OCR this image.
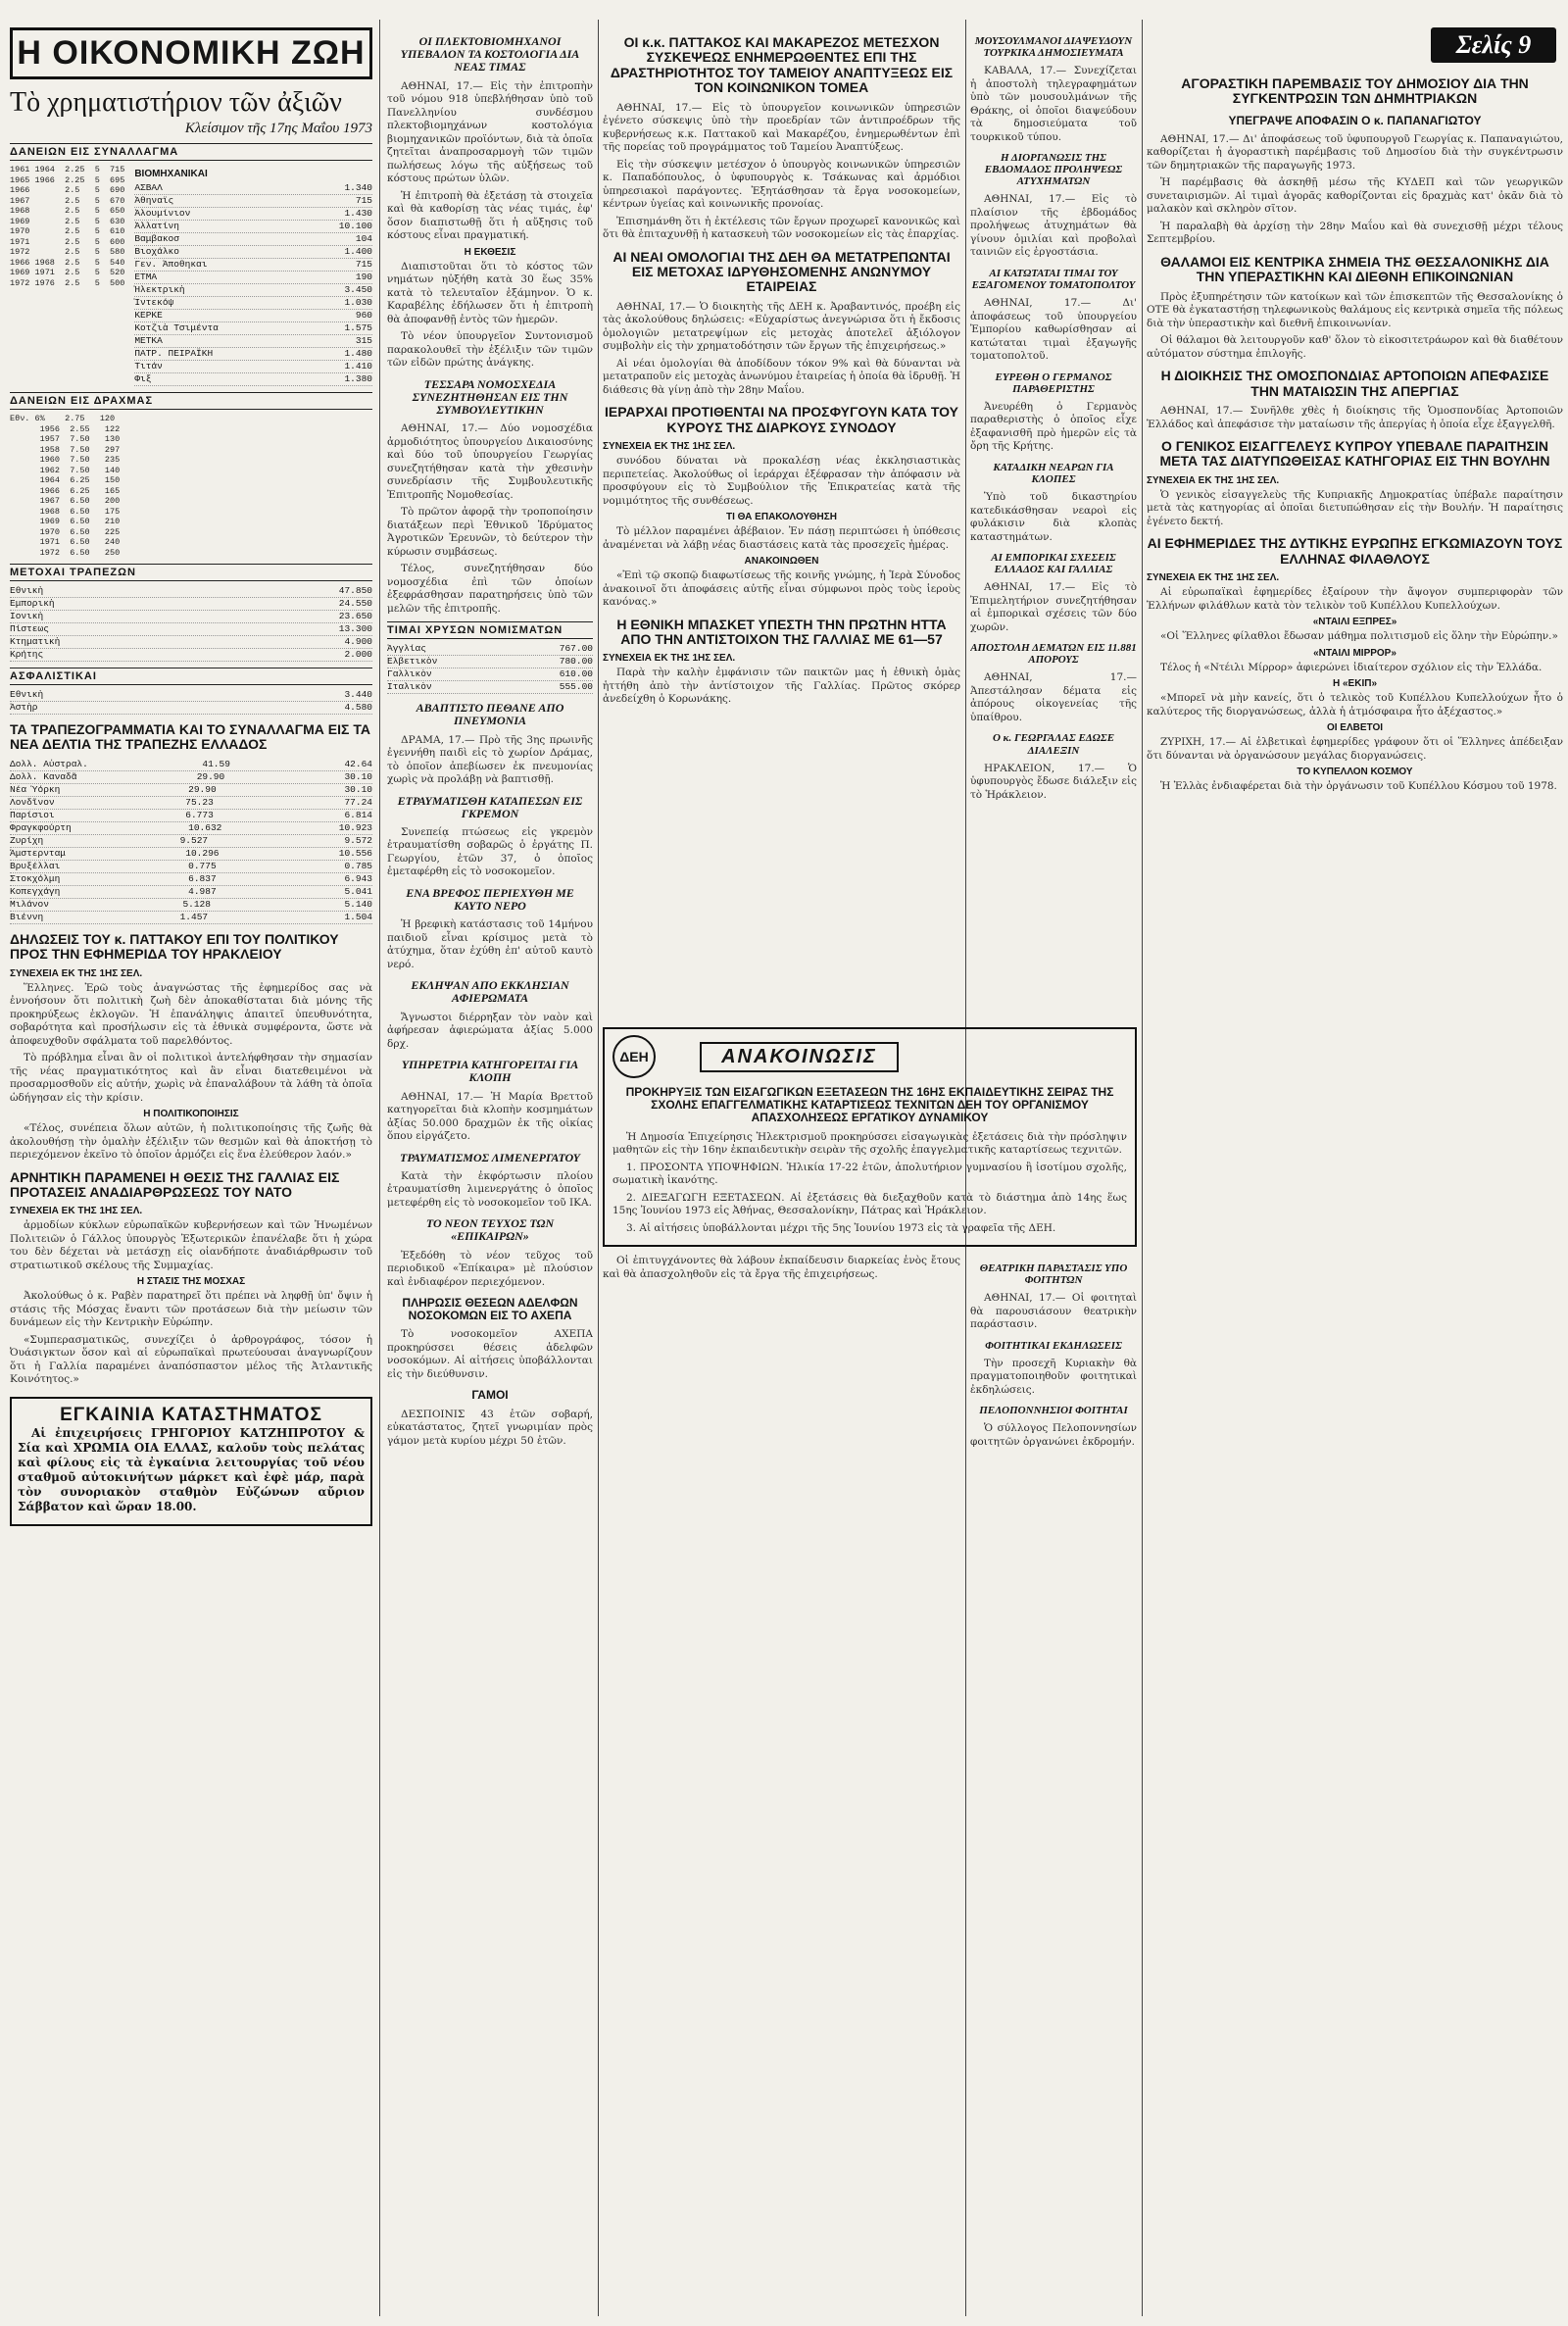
Σελίς 9
Η ΟΙΚΟΝΟΜΙΚΗ ΖΩΗ
Τὸ χρηματιστήριον τῶν ἀξιῶν
Κλείσιμον τῆς 17ης Μαΐου 1973
ΔΑΝΕΙΩΝ ΕΙΣ ΣΥΝΑΛΛΑΓΜΑ
1961 1964  2.25  5  715
1965 1966  2.25  5  695
1966       2.5   5  690
1967       2.5   5  670
1968       2.5   5  650
1969       2.5   5  630
1970       2.5   5  610
1971       2.5   5  600
1972       2.5   5  580
1966 1968  2.5   5  540
1969 1971  2.5   5  520
1972 1976  2.5   5  500
ΒΙΟΜΗΧΑΝΙΚΑΙ
ΑΣΒΑΛ	1.340
Ἀθηναϊς	715
Ἀλουμίνιον	1.430
Ἀλλατίνη	10.100
Βαμβακοσ	104
Βιοχάλκο	1.400
Γεν. Ἀποθηκαι	715
ΕΤΜΑ	190
Ἠλεκτρικὴ	3.450
Ἰντεκόψ	1.030
ΚΕΡΚΕ	960
Κοτζιὰ Τσιμέντα	1.575
ΜΕΤΚΑ	315
ΠΑΤΡ. ΠΕΙΡΑΪΚΗ	1.480
Τιτάν	1.410
Φιξ	1.380
ΔΑΝΕΙΩΝ ΕΙΣ ΔΡΑΧΜΑΣ
Ἐθν. 6%    2.75   120
1956  2.55   122
1957  7.50   130
1958  7.50   297
1960  7.50   235
1962  7.50   140
1964  6.25   150
1966  6.25   165
1967  6.50   200
1968  6.50   175
1969  6.50   210
1970  6.50   225
1971  6.50   240
1972  6.50   250
ΜΕΤΟΧΑΙ ΤΡΑΠΕΖΩΝ
Ἐθνικὴ	47.850
Ἐμπορικὴ	24.550
Ἰονικὴ	23.650
Πίστεως	13.300
Κτηματικὴ	4.900
Κρήτης	2.000
ΑΣΦΑΛΙΣΤΙΚΑΙ
Ἐθνικὴ	3.440
Ἀστὴρ	4.580
ΤΑ ΤΡΑΠΕΖΟΓΡΑΜΜΑΤΙΑ ΚΑΙ ΤΟ ΣΥΝΑΛΛΑΓΜΑ ΕΙΣ ΤΑ ΝΕΑ ΔΕΛΤΙΑ ΤΗΣ ΤΡΑΠΕΖΗΣ ΕΛΛΑΔΟΣ
Δολλ. Αὐστραλ.	41.59	42.64
Δολλ. Καναδᾶ	29.90	30.10
Νέα Ὑόρκη	29.90	30.10
Λονδῖνον	75.23	77.24
Παρίσιοι	6.773	6.814
Φραγκφούρτη	10.632	10.923
Ζυρίχη	9.527	9.572
Ἄμστερνταμ	10.296	10.556
Βρυξέλλαι	0.775	0.785
Στοκχόλμη	6.837	6.943
Κοπεγχάγη	4.987	5.041
Μιλάνον	5.128	5.140
Βιέννη	1.457	1.504
ΔΗΛΩΣΕΙΣ ΤΟΥ κ. ΠΑΤΤΑΚΟΥ ΕΠΙ ΤΟΥ ΠΟΛΙΤΙΚΟΥ ΠΡΟΣ ΤΗΝ ΕΦΗΜΕΡΙΔΑ ΤΟΥ ΗΡΑΚΛΕΙΟΥ
ΣΥΝΕΧΕΙΑ ΕΚ ΤΗΣ 1ΗΣ ΣΕΛ.

Ἕλληνες. Ἐρῶ τοὺς ἀναγνώστας τῆς ἐφημερίδος σας νὰ ἐννοήσουν ὅτι πολιτικὴ ζωὴ δὲν ἀποκαθίσταται διὰ μόνης τῆς προκηρύξεως ἐκλογῶν. Ἡ ἐπανάληψις ἀπαιτεῖ ὑπευθυνότητα, σοβαρότητα καὶ προσήλωσιν εἰς τὰ ἐθνικὰ συμφέροντα, ὥστε νὰ ἀποφευχθοῦν σφάλματα τοῦ παρελθόντος.

Τὸ πρόβλημα εἶναι ἂν οἱ πολιτικοὶ ἀντελήφθησαν τὴν σημασίαν τῆς νέας πραγματικότητος καὶ ἂν εἶναι διατεθειμένοι νὰ προσαρμοσθοῦν εἰς αὐτήν, χωρὶς νὰ ἐπαναλάβουν τὰ λάθη τὰ ὁποῖα ὡδήγησαν εἰς τὴν κρίσιν.

Η ΠΟΛΙΤΙΚΟΠΟΙΗΣΙΣ

«Τέλος, συνέπεια ὅλων αὐτῶν, ἡ πολιτικοποίησις τῆς ζωῆς θὰ ἀκολουθήσῃ τὴν ὁμαλὴν ἐξέλιξιν τῶν θεσμῶν καὶ θὰ ἀποκτήσῃ τὸ περιεχόμενον ἐκεῖνο τὸ ὁποῖον ἁρμόζει εἰς ἕνα ἐλεύθερον λαόν.»

ΑΡΝΗΤΙΚΗ ΠΑΡΑΜΕΝΕΙ Η ΘΕΣΙΣ ΤΗΣ ΓΑΛΛΙΑΣ ΕΙΣ ΠΡΟΤΑΣΕΙΣ ΑΝΑΔΙΑΡΘΡΩΣΕΩΣ ΤΟΥ ΝΑΤΟ
ΣΥΝΕΧΕΙΑ ΕΚ ΤΗΣ 1ΗΣ ΣΕΛ.

ἀρμοδίων κύκλων εὐρωπαϊκῶν κυβερνήσεων καὶ τῶν Ἡνωμένων Πολιτειῶν ὁ Γάλλος ὑπουργὸς Ἐξωτερικῶν ἐπανέλαβε ὅτι ἡ χώρα του δὲν δέχεται νὰ μετάσχῃ εἰς οἱανδήποτε ἀναδιάρθρωσιν τοῦ στρατιωτικοῦ σκέλους τῆς Συμμαχίας.

Η ΣΤΑΣΙΣ ΤΗΣ ΜΟΣΧΑΣ

Ἀκολούθως ὁ κ. Ραβὲν παρατηρεῖ ὅτι πρέπει νὰ ληφθῇ ὑπ' ὄψιν ἡ στάσις τῆς Μόσχας ἔναντι τῶν προτάσεων διὰ τὴν μείωσιν τῶν δυνάμεων εἰς τὴν Κεντρικὴν Εὐρώπην.

«Συμπερασματικῶς, συνεχίζει ὁ ἀρθρογράφος, τόσον ἡ Ὀυάσιγκτων ὅσον καὶ αἱ εὐρωπαϊκαὶ πρωτεύουσαι ἀναγνωρίζουν ὅτι ἡ Γαλλία παραμένει ἀναπόσπαστον μέλος τῆς Ἀτλαντικῆς Κοινότητος.»

ΕΓΚΑΙΝΙΑ ΚΑΤΑΣΤΗΜΑΤΟΣ

Αἱ ἐπιχειρήσεις ΓΡΗΓΟΡΙΟΥ ΚΑΤΖΗΠΡΟΤΟΥ & Σία καὶ ΧΡΩΜΙΑ ΟΙΑ ΕΛΛΑΣ, καλοῦν τοὺς πελάτας καὶ φίλους εἰς τὰ ἐγκαίνια λειτουργίας τοῦ νέου σταθμοῦ αὐτοκινήτων μάρκετ καὶ ἐφὲ μάρ, παρὰ τὸν συνοριακὸν σταθμὸν Εὐζώνων αὔριον Σάββατον καὶ ὥραν 18.00.

ΟΙ ΠΛΕΚΤΟΒΙΟΜΗΧΑΝΟΙ ΥΠΕΒΑΛΟΝ ΤΑ ΚΟΣΤΟΛΟΓΙΑ ΔΙΑ ΝΕΑΣ ΤΙΜΑΣ

ΑΘΗΝΑΙ, 17.— Εἰς τὴν ἐπιτροπὴν τοῦ νόμου 918 ὑπεβλήθησαν ὑπὸ τοῦ Πανελληνίου συνδέσμου πλεκτοβιομηχάνων κοστολόγια βιομηχανικῶν προϊόντων, διὰ τὰ ὁποῖα ζητεῖται ἀναπροσαρμογὴ τῶν τιμῶν πωλήσεως λόγω τῆς αὐξήσεως τοῦ κόστους πρώτων ὑλῶν.

Ἡ ἐπιτροπὴ θὰ ἐξετάσῃ τὰ στοιχεῖα καὶ θὰ καθορίσῃ τὰς νέας τιμάς, ἐφ' ὅσον διαπιστωθῇ ὅτι ἡ αὔξησις τοῦ κόστους εἶναι πραγματική.

Η ΕΚΘΕΣΙΣ

Διαπιστοῦται ὅτι τὸ κόστος τῶν νημάτων ηὐξήθη κατὰ 30 ἕως 35% κατὰ τὸ τελευταῖον ἑξάμηνον. Ὁ κ. Καραβέλης ἐδήλωσεν ὅτι ἡ ἐπιτροπὴ θὰ ἀποφανθῇ ἐντὸς τῶν ἡμερῶν.

Τὸ νέον ὑπουργεῖον Συντονισμοῦ παρακολουθεῖ τὴν ἐξέλιξιν τῶν τιμῶν τῶν εἰδῶν πρώτης ἀνάγκης.

ΤΕΣΣΑΡΑ ΝΟΜΟΣΧΕΔΙΑ ΣΥΝΕΖΗΤΗΘΗΣΑΝ ΕΙΣ ΤΗΝ ΣΥΜΒΟΥΛΕΥΤΙΚΗΝ

ΑΘΗΝΑΙ, 17.— Δύο νομοσχέδια ἀρμοδιότητος ὑπουργείου Δικαιοσύνης καὶ δύο τοῦ ὑπουργείου Γεωργίας συνεζητήθησαν κατὰ τὴν χθεσινὴν συνεδρίασιν τῆς Συμβουλευτικῆς Ἐπιτροπῆς Νομοθεσίας.

Τὸ πρῶτον ἀφορᾷ τὴν τροποποίησιν διατάξεων περὶ Ἐθνικοῦ Ἱδρύματος Ἀγροτικῶν Ἐρευνῶν, τὸ δεύτερον τὴν κύρωσιν συμβάσεως.

Τέλος, συνεζητήθησαν δύο νομοσχέδια ἐπὶ τῶν ὁποίων ἐξεφράσθησαν παρατηρήσεις ὑπὸ τῶν μελῶν τῆς ἐπιτροπῆς.

ΤΙΜΑΙ ΧΡΥΣΩΝ ΝΟΜΙΣΜΑΤΩΝ
Ἀγγλίας	767.00
Ἐλβετικὸν	780.00
Γαλλικὸν	610.00
Ἰταλικὸν	555.00
ΑΒΑΠΤΙΣΤΟ ΠΕΘΑΝΕ ΑΠΟ ΠΝΕΥΜΟΝΙΑ

ΔΡΑΜΑ, 17.— Πρὸ τῆς 3ης πρωινῆς ἐγεννήθη παιδὶ εἰς τὸ χωρίον Δράμας, τὸ ὁποῖον ἀπεβίωσεν ἐκ πνευμονίας χωρὶς νὰ προλάβῃ νὰ βαπτισθῇ.

ΕΤΡΑΥΜΑΤΙΣΘΗ ΚΑΤΑΠΕΣΩΝ ΕΙΣ ΓΚΡΕΜΟΝ

Συνεπείᾳ πτώσεως εἰς γκρεμὸν ἐτραυματίσθη σοβαρῶς ὁ ἐργάτης Π. Γεωργίου, ἐτῶν 37, ὁ ὁποῖος ἐμεταφέρθη εἰς τὸ νοσοκομεῖον.

ΕΝΑ ΒΡΕΦΟΣ ΠΕΡΙΕΧΥΘΗ ΜΕ ΚΑΥΤΟ ΝΕΡΟ

Ἡ βρεφικὴ κατάστασις τοῦ 14μήνου παιδιοῦ εἶναι κρίσιμος μετὰ τὸ ἀτύχημα, ὅταν ἐχύθη ἐπ' αὐτοῦ καυτὸ νερό.

ΕΚΛΗΨΑΝ ΑΠΟ ΕΚΚΛΗΣΙΑΝ ΑΦΙΕΡΩΜΑΤΑ

Ἄγνωστοι διέρρηξαν τὸν ναὸν καὶ ἀφήρεσαν ἀφιερώματα ἀξίας 5.000 δρχ.

ΥΠΗΡΕΤΡΙΑ ΚΑΤΗΓΟΡΕΙΤΑΙ ΓΙΑ ΚΛΟΠΗ

ΑΘΗΝΑΙ, 17.— Ἡ Μαρία Βρεττοῦ κατηγορεῖται διὰ κλοπὴν κοσμημάτων ἀξίας 50.000 δραχμῶν ἐκ τῆς οἰκίας ὅπου εἰργάζετο.

ΤΡΑΥΜΑΤΙΣΜΟΣ ΛΙΜΕΝΕΡΓΑΤΟΥ

Κατὰ τὴν ἐκφόρτωσιν πλοίου ἐτραυματίσθη λιμενεργάτης ὁ ὁποῖος μετεφέρθη εἰς τὸ νοσοκομεῖον τοῦ ΙΚΑ.

ΤΟ ΝΕΟΝ ΤΕΥΧΟΣ ΤΩΝ «ΕΠΙΚΑΙΡΩΝ»

Ἐξεδόθη τὸ νέον τεῦχος τοῦ περιοδικοῦ «Ἐπίκαιρα» μὲ πλούσιον καὶ ἐνδιαφέρον περιεχόμενον.

ΠΛΗΡΩΣΙΣ ΘΕΣΕΩΝ ΑΔΕΛΦΩΝ ΝΟΣΟΚΟΜΩΝ ΕΙΣ ΤΟ ΑΧΕΠΑ

Τὸ νοσοκομεῖον ΑΧΕΠΑ προκηρύσσει θέσεις ἀδελφῶν νοσοκόμων. Αἱ αἰτήσεις ὑποβάλλονται εἰς τὴν διεύθυνσιν.

ΓΑΜΟΙ

ΔΕΣΠΟΙΝΙΣ 43 ἐτῶν σοβαρή, εὐκατάστατος, ζητεῖ γνωριμίαν πρὸς γάμον μετὰ κυρίου μέχρι 50 ἐτῶν.

ΟΙ κ.κ. ΠΑΤΤΑΚΟΣ ΚΑΙ ΜΑΚΑΡΕΖΟΣ ΜΕΤΕΣΧΟΝ ΣΥΣΚΕΨΕΩΣ ΕΝΗΜΕΡΩΘΕΝΤΕΣ ΕΠΙ ΤΗΣ ΔΡΑΣΤΗΡΙΟΤΗΤΟΣ ΤΟΥ ΤΑΜΕΙΟΥ ΑΝΑΠΤΥΞΕΩΣ ΕΙΣ ΤΟΝ ΚΟΙΝΩΝΙΚΟΝ ΤΟΜΕΑ

ΑΘΗΝΑΙ, 17.— Εἰς τὸ ὑπουργεῖον κοινωνικῶν ὑπηρεσιῶν ἐγένετο σύσκεψις ὑπὸ τὴν προεδρίαν τῶν ἀντιπροέδρων τῆς κυβερνήσεως κ.κ. Παττακοῦ καὶ Μακαρέζου, ἐνημερωθέντων ἐπὶ τῆς πορείας τοῦ προγράμματος τοῦ Ταμείου Ἀναπτύξεως.

Εἰς τὴν σύσκεψιν μετέσχον ὁ ὑπουργὸς κοινωνικῶν ὑπηρεσιῶν κ. Παπαδόπουλος, ὁ ὑφυπουργὸς κ. Τσάκωνας καὶ ἀρμόδιοι ὑπηρεσιακοὶ παράγοντες. Ἐξητάσθησαν τὰ ἔργα νοσοκομείων, κέντρων ὑγείας καὶ κοινωνικῆς προνοίας.

Ἐπισημάνθη ὅτι ἡ ἐκτέλεσις τῶν ἔργων προχωρεῖ κανονικῶς καὶ ὅτι θὰ ἐπιταχυνθῇ ἡ κατασκευὴ τῶν νοσοκομείων εἰς τὰς ἐπαρχίας.

ΑΙ ΝΕΑΙ ΟΜΟΛΟΓΙΑΙ ΤΗΣ ΔΕΗ ΘΑ ΜΕΤΑΤΡΕΠΩΝΤΑΙ ΕΙΣ ΜΕΤΟΧΑΣ ΙΔΡΥΘΗΣΟΜΕΝΗΣ ΑΝΩΝΥΜΟΥ ΕΤΑΙΡΕΙΑΣ

ΑΘΗΝΑΙ, 17.— Ὁ διοικητὴς τῆς ΔΕΗ κ. Ἀραβαντινός, προέβη εἰς τὰς ἀκολούθους δηλώσεις: «Εὐχαρίστως ἀνεγνώρισα ὅτι ἡ ἔκδοσις ὁμολογιῶν μετατρεψίμων εἰς μετοχὰς ἀποτελεῖ ἀξιόλογον συμβολὴν εἰς τὴν χρηματοδότησιν τῶν ἔργων τῆς ἐπιχειρήσεως.»

Αἱ νέαι ὁμολογίαι θὰ ἀποδίδουν τόκον 9% καὶ θὰ δύνανται νὰ μετατραποῦν εἰς μετοχὰς ἀνωνύμου ἑταιρείας ἡ ὁποία θὰ ἱδρυθῇ. Ἡ διάθεσις θὰ γίνῃ ἀπὸ τὴν 28ην Μαΐου.

ΙΕΡΑΡΧΑΙ ΠΡΟΤΙΘΕΝΤΑΙ ΝΑ ΠΡΟΣΦΥΓΟΥΝ ΚΑΤΑ ΤΟΥ ΚΥΡΟΥΣ ΤΗΣ ΔΙΑΡΚΟΥΣ ΣΥΝΟΔΟΥ
ΣΥΝΕΧΕΙΑ ΕΚ ΤΗΣ 1ΗΣ ΣΕΛ.

συνόδου δύναται νὰ προκαλέσῃ νέας ἐκκλησιαστικὰς περιπετείας. Ἀκολούθως οἱ ἱεράρχαι ἐξέφρασαν τὴν ἀπόφασιν νὰ προσφύγουν εἰς τὸ Συμβούλιον τῆς Ἐπικρατείας κατὰ τῆς νομιμότητος τῆς συνθέσεως.

ΤΙ ΘΑ ΕΠΑΚΟΛΟΥΘΗΣΗ

Τὸ μέλλον παραμένει ἀβέβαιον. Ἐν πάσῃ περιπτώσει ἡ ὑπόθεσις ἀναμένεται νὰ λάβῃ νέας διαστάσεις κατὰ τὰς προσεχεῖς ἡμέρας.

ΑΝΑΚΟΙΝΩΘΕΝ

«Ἐπὶ τῷ σκοπῷ διαφωτίσεως τῆς κοινῆς γνώμης, ἡ Ἱερὰ Σύνοδος ἀνακοινοῖ ὅτι ἀποφάσεις αὐτῆς εἶναι σύμφωνοι πρὸς τοὺς ἱεροὺς κανόνας.»

Η ΕΘΝΙΚΗ ΜΠΑΣΚΕΤ ΥΠΕΣΤΗ ΤΗΝ ΠΡΩΤΗΝ ΗΤΤΑ ΑΠΟ ΤΗΝ ΑΝΤΙΣΤΟΙΧΟΝ ΤΗΣ ΓΑΛΛΙΑΣ ΜΕ 61—57
ΣΥΝΕΧΕΙΑ ΕΚ ΤΗΣ 1ΗΣ ΣΕΛ.

Παρὰ τὴν καλὴν ἐμφάνισιν τῶν παικτῶν μας ἡ ἐθνικὴ ὁμὰς ἡττήθη ἀπὸ τὴν ἀντίστοιχον τῆς Γαλλίας. Πρῶτος σκόρερ ἀνεδείχθη ὁ Κορωνάκης.

ΜΟΥΣΟΥΛΜΑΝΟΙ ΔΙΑΨΕΥΔΟΥΝ ΤΟΥΡΚΙΚΑ ΔΗΜΟΣΙΕΥΜΑΤΑ

ΚΑΒΑΛΑ, 17.— Συνεχίζεται ἡ ἀποστολὴ τηλεγραφημάτων ὑπὸ τῶν μουσουλμάνων τῆς Θράκης, οἱ ὁποῖοι διαψεύδουν τὰ δημοσιεύματα τοῦ τουρκικοῦ τύπου.

Η ΔΙΟΡΓΑΝΩΣΙΣ ΤΗΣ ΕΒΔΟΜΑΔΟΣ ΠΡΟΛΗΨΕΩΣ ΑΤΥΧΗΜΑΤΩΝ

ΑΘΗΝΑΙ, 17.— Εἰς τὸ πλαίσιον τῆς ἑβδομάδος προλήψεως ἀτυχημάτων θὰ γίνουν ὁμιλίαι καὶ προβολαὶ ταινιῶν εἰς ἐργοστάσια.

ΑΙ ΚΑΤΩΤΑΤΑΙ ΤΙΜΑΙ ΤΟΥ ΕΞΑΓΟΜΕΝΟΥ ΤΟΜΑΤΟΠΟΛΤΟΥ

ΑΘΗΝΑΙ, 17.— Δι' ἀποφάσεως τοῦ ὑπουργείου Ἐμπορίου καθωρίσθησαν αἱ κατώταται τιμαὶ ἐξαγωγῆς τοματοπολτοῦ.

ΕΥΡΕΘΗ Ο ΓΕΡΜΑΝΟΣ ΠΑΡΑΘΕΡΙΣΤΗΣ

Ἀνευρέθη ὁ Γερμανὸς παραθεριστὴς ὁ ὁποῖος εἶχε ἐξαφανισθῆ πρὸ ἡμερῶν εἰς τὰ ὄρη τῆς Κρήτης.

ΚΑΤΑΔΙΚΗ ΝΕΑΡΩΝ ΓΙΑ ΚΛΟΠΕΣ

Ὑπὸ τοῦ δικαστηρίου κατεδικάσθησαν νεαροὶ εἰς φυλάκισιν διὰ κλοπὰς καταστημάτων.

ΑΙ ΕΜΠΟΡΙΚΑΙ ΣΧΕΣΕΙΣ ΕΛΛΑΔΟΣ ΚΑΙ ΓΑΛΛΙΑΣ

ΑΘΗΝΑΙ, 17.— Εἰς τὸ Ἐπιμελητήριον συνεζητήθησαν αἱ ἐμπορικαὶ σχέσεις τῶν δύο χωρῶν.

ΑΠΟΣΤΟΛΗ ΔΕΜΑΤΩΝ ΕΙΣ 11.881 ΑΠΟΡΟΥΣ

ΑΘΗΝΑΙ, 17.— Ἀπεστάλησαν δέματα εἰς ἀπόρους οἰκογενείας τῆς ὑπαίθρου.

Ο κ. ΓΕΩΡΓΑΛΑΣ ΕΔΩΣΕ ΔΙΑΛΕΞΙΝ

ΗΡΑΚΛΕΙΟΝ, 17.— Ὁ ὑφυπουργὸς ἔδωσε διάλεξιν εἰς τὸ Ἡράκλειον.

ΔΕΗ	ΑΝΑΚΟΙΝΩΣΙΣ
ΠΡΟΚΗΡΥΞΙΣ ΤΩΝ ΕΙΣΑΓΩΓΙΚΩΝ ΕΞΕΤΑΣΕΩΝ ΤΗΣ 16ΗΣ ΕΚΠΑΙΔΕΥΤΙΚΗΣ ΣΕΙΡΑΣ ΤΗΣ ΣΧΟΛΗΣ ΕΠΑΓΓΕΛΜΑΤΙΚΗΣ ΚΑΤΑΡΤΙΣΕΩΣ ΤΕΧΝΙΤΩΝ ΔΕΗ ΤΟΥ ΟΡΓΑΝΙΣΜΟΥ ΑΠΑΣΧΟΛΗΣΕΩΣ ΕΡΓΑΤΙΚΟΥ ΔΥΝΑΜΙΚΟΥ

Ἡ Δημοσία Ἐπιχείρησις Ἠλεκτρισμοῦ προκηρύσσει εἰσαγωγικὰς ἐξετάσεις διὰ τὴν πρόσληψιν μαθητῶν εἰς τὴν 16ην ἐκπαιδευτικὴν σειρὰν τῆς σχολῆς ἐπαγγελματικῆς καταρτίσεως τεχνιτῶν.

1. ΠΡΟΣΟΝΤΑ ΥΠΟΨΗΦΙΩΝ. Ἡλικία 17-22 ἐτῶν, ἀπολυτήριον γυμνασίου ἢ ἰσοτίμου σχολῆς, σωματικὴ ἰκανότης.

2. ΔΙΕΞΑΓΩΓΗ ΕΞΕΤΑΣΕΩΝ. Αἱ ἐξετάσεις θὰ διεξαχθοῦν κατὰ τὸ διάστημα ἀπὸ 14ης ἕως 15ης Ἰουνίου 1973 εἰς Ἀθήνας, Θεσσαλονίκην, Πάτρας καὶ Ἡράκλειον.

3. Αἱ αἰτήσεις ὑποβάλλονται μέχρι τῆς 5ης Ἰουνίου 1973 εἰς τὰ γραφεῖα τῆς ΔΕΗ.

Οἱ ἐπιτυγχάνοντες θὰ λάβουν ἐκπαίδευσιν διαρκείας ἑνὸς ἔτους καὶ θὰ ἀπασχοληθοῦν εἰς τὰ ἔργα τῆς ἐπιχειρήσεως.	ΘΕΑΤΡΙΚΗ ΠΑΡΑΣΤΑΣΙΣ ΥΠΟ ΦΟΙΤΗΤΩΝ

ΑΘΗΝΑΙ, 17.— Οἱ φοιτηταὶ θὰ παρουσιάσουν θεατρικὴν παράστασιν.

ΦΟΙΤΗΤΙΚΑΙ ΕΚΔΗΛΩΣΕΙΣ

Τὴν προσεχῆ Κυριακὴν θὰ πραγματοποιηθοῦν φοιτητικαὶ ἐκδηλώσεις.

ΠΕΛΟΠΟΝΝΗΣΙΟΙ ΦΟΙΤΗΤΑΙ

Ὁ σύλλογος Πελοποννησίων φοιτητῶν ὀργανώνει ἐκδρομήν.

ΑΓΟΡΑΣΤΙΚΗ ΠΑΡΕΜΒΑΣΙΣ ΤΟΥ ΔΗΜΟΣΙΟΥ ΔΙΑ ΤΗΝ ΣΥΓΚΕΝΤΡΩΣΙΝ ΤΩΝ ΔΗΜΗΤΡΙΑΚΩΝ
ΥΠΕΓΡΑΨΕ ΑΠΟΦΑΣΙΝ Ο κ. ΠΑΠΑΝΑΓΙΩΤΟΥ

ΑΘΗΝΑΙ, 17.— Δι' ἀποφάσεως τοῦ ὑφυπουργοῦ Γεωργίας κ. Παπαναγιώτου, καθορίζεται ἡ ἀγοραστικὴ παρέμβασις τοῦ Δημοσίου διὰ τὴν συγκέντρωσιν τῶν δημητριακῶν τῆς παραγωγῆς 1973.

Ἡ παρέμβασις θὰ ἀσκηθῇ μέσω τῆς ΚΥΔΕΠ καὶ τῶν γεωργικῶν συνεταιρισμῶν. Αἱ τιμαὶ ἀγορᾶς καθορίζονται εἰς δραχμὰς κατ' ὀκᾶν διὰ τὸ μαλακὸν καὶ σκληρὸν σῖτον.

Ἡ παραλαβὴ θὰ ἀρχίσῃ τὴν 28ην Μαΐου καὶ θὰ συνεχισθῇ μέχρι τέλους Σεπτεμβρίου.

ΘΑΛΑΜΟΙ ΕΙΣ ΚΕΝΤΡΙΚΑ ΣΗΜΕΙΑ ΤΗΣ ΘΕΣΣΑΛΟΝΙΚΗΣ ΔΙΑ ΤΗΝ ΥΠΕΡΑΣΤΙΚΗΝ ΚΑΙ ΔΙΕΘΝΗ ΕΠΙΚΟΙΝΩΝΙΑΝ

Πρὸς ἐξυπηρέτησιν τῶν κατοίκων καὶ τῶν ἐπισκεπτῶν τῆς Θεσσαλονίκης ὁ ΟΤΕ θὰ ἐγκαταστήσῃ τηλεφωνικοὺς θαλάμους εἰς κεντρικὰ σημεῖα τῆς πόλεως διὰ τὴν ὑπεραστικὴν καὶ διεθνῆ ἐπικοινωνίαν.

Οἱ θάλαμοι θὰ λειτουργοῦν καθ' ὅλον τὸ εἰκοσιτετράωρον καὶ θὰ διαθέτουν αὐτόματον σύστημα ἐπιλογῆς.

Η ΔΙΟΙΚΗΣΙΣ ΤΗΣ ΟΜΟΣΠΟΝΔΙΑΣ ΑΡΤΟΠΟΙΩΝ ΑΠΕΦΑΣΙΣΕ ΤΗΝ ΜΑΤΑΙΩΣΙΝ ΤΗΣ ΑΠΕΡΓΙΑΣ

ΑΘΗΝΑΙ, 17.— Συνῆλθε χθὲς ἡ διοίκησις τῆς Ὁμοσπονδίας Ἀρτοποιῶν Ἑλλάδος καὶ ἀπεφάσισε τὴν ματαίωσιν τῆς ἀπεργίας ἡ ὁποία εἶχε ἐξαγγελθῆ.

Ο ΓΕΝΙΚΟΣ ΕΙΣΑΓΓΕΛΕΥΣ ΚΥΠΡΟΥ ΥΠΕΒΑΛΕ ΠΑΡΑΙΤΗΣΙΝ ΜΕΤΑ ΤΑΣ ΔΙΑΤΥΠΩΘΕΙΣΑΣ ΚΑΤΗΓΟΡΙΑΣ ΕΙΣ ΤΗΝ ΒΟΥΛΗΝ
ΣΥΝΕΧΕΙΑ ΕΚ ΤΗΣ 1ΗΣ ΣΕΛ.

Ὁ γενικὸς εἰσαγγελεὺς τῆς Κυπριακῆς Δημοκρατίας ὑπέβαλε παραίτησιν μετὰ τὰς κατηγορίας αἱ ὁποῖαι διετυπώθησαν εἰς τὴν Βουλήν. Ἡ παραίτησις ἐγένετο δεκτή.

ΑΙ ΕΦΗΜΕΡΙΔΕΣ ΤΗΣ ΔΥΤΙΚΗΣ ΕΥΡΩΠΗΣ ΕΓΚΩΜΙΑΖΟΥΝ ΤΟΥΣ ΕΛΛΗΝΑΣ ΦΙΛΑΘΛΟΥΣ
ΣΥΝΕΧΕΙΑ ΕΚ ΤΗΣ 1ΗΣ ΣΕΛ.

Αἱ εὐρωπαϊκαὶ ἐφημερίδες ἐξαίρουν τὴν ἄψογον συμπεριφορὰν τῶν Ἑλλήνων φιλάθλων κατὰ τὸν τελικὸν τοῦ Κυπέλλου Κυπελλούχων.

«ΝΤΑΙΛΙ ΕΞΠΡΕΣ»

«Οἱ Ἕλληνες φίλαθλοι ἔδωσαν μάθημα πολιτισμοῦ εἰς ὅλην τὴν Εὐρώπην.»

«ΝΤΑΙΛΙ ΜΙΡΡΟΡ»

Τέλος ἡ «Ντέιλι Μίρρορ» ἀφιερώνει ἰδιαίτερον σχόλιον εἰς τὴν Ἑλλάδα.

Η «ΕΚΙΠ»

«Μπορεῖ νὰ μὴν κανείς, ὅτι ὁ τελικὸς τοῦ Κυπέλλου Κυπελλούχων ἦτο ὁ καλύτερος τῆς διοργανώσεως, ἀλλὰ ἡ ἀτμόσφαιρα ἦτο ἀξέχαστος.»

ΟΙ ΕΛΒΕΤΟΙ

ΖΥΡΙΧΗ, 17.— Αἱ ἐλβετικαὶ ἐφημερίδες γράφουν ὅτι οἱ Ἕλληνες ἀπέδειξαν ὅτι δύνανται νὰ ὀργανώσουν μεγάλας διοργανώσεις.

ΤΟ ΚΥΠΕΛΛΟΝ ΚΟΣΜΟΥ

Ἡ Ἑλλὰς ἐνδιαφέρεται διὰ τὴν ὀργάνωσιν τοῦ Κυπέλλου Κόσμου τοῦ 1978.
